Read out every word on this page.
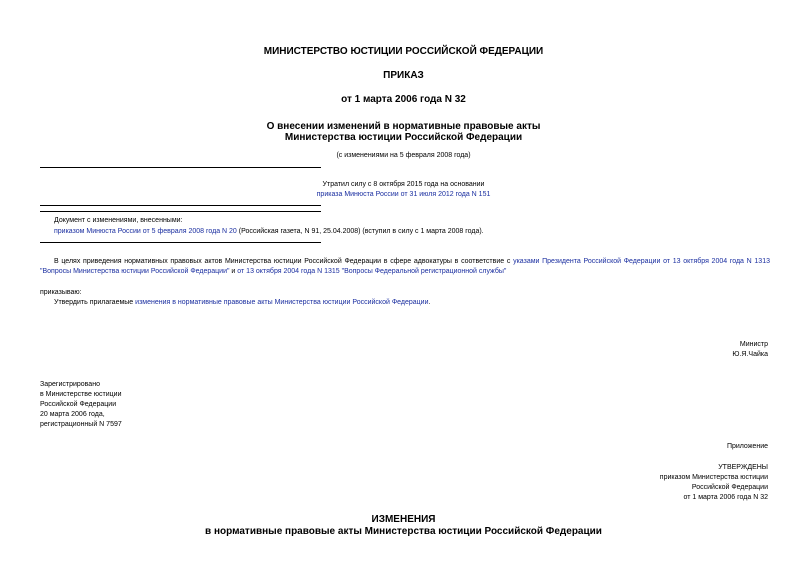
МИНИСТЕРСТВО ЮСТИЦИИ РОССИЙСКОЙ ФЕДЕРАЦИИ
ПРИКАЗ
от 1 марта 2006 года N 32
О внесении изменений в нормативные правовые акты
Министерства юстиции Российской Федерации
(с изменениями на 5 февраля 2008 года)
Утратил силу с 8 октября 2015 года на основании
приказа Минюста России от 31 июля 2012 года N 151
Документ с изменениями, внесенными:
приказом Минюста России от 5 февраля 2008 года N 20 (Российская газета, N 91, 25.04.2008) (вступил в силу с 1 марта 2008 года).
В целях приведения нормативных правовых актов Министерства юстиции Российской Федерации в сфере адвокатуры в соответствие с указами Президента Российской Федерации от 13 октября 2004 года N 1313 "Вопросы Министерства юстиции Российской Федерации" и от 13 октября 2004 года N 1315 "Вопросы Федеральной регистрационной службы"
приказываю:
Утвердить прилагаемые изменения в нормативные правовые акты Министерства юстиции Российской Федерации.
Министр
Ю.Я.Чайка
Зарегистрировано
в Министерстве юстиции
Российской Федерации
20 марта 2006 года,
регистрационный N 7597
Приложение
УТВЕРЖДЕНЫ
приказом Министерства юстиции
Российской Федерации
от 1 марта 2006 года N 32
ИЗМЕНЕНИЯ
в нормативные правовые акты Министерства юстиции Российской Федерации
